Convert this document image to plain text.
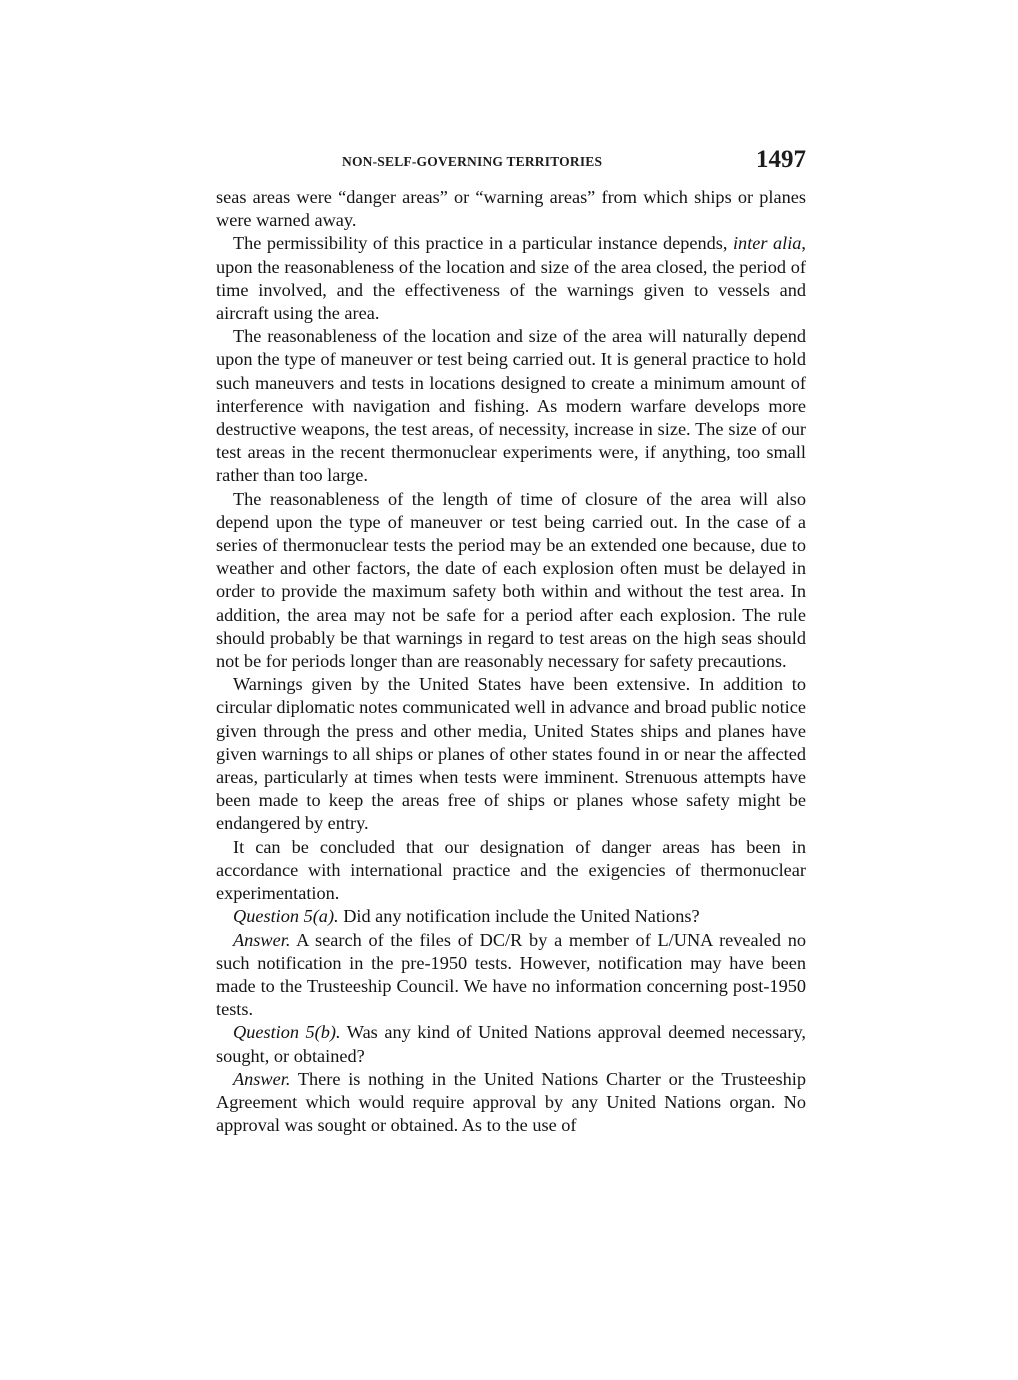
NON-SELF-GOVERNING TERRITORIES	1497

seas areas were “danger areas” or “warning areas” from which ships or planes were warned away.

The permissibility of this practice in a particular instance depends, inter alia, upon the reasonableness of the location and size of the area closed, the period of time involved, and the effectiveness of the warnings given to vessels and aircraft using the area.

The reasonableness of the location and size of the area will naturally depend upon the type of maneuver or test being carried out. It is general practice to hold such maneuvers and tests in locations designed to create a minimum amount of interference with navigation and fishing. As modern warfare develops more destructive weapons, the test areas, of necessity, increase in size. The size of our test areas in the recent thermonuclear experiments were, if anything, too small rather than too large.

The reasonableness of the length of time of closure of the area will also depend upon the type of maneuver or test being carried out. In the case of a series of thermonuclear tests the period may be an extended one because, due to weather and other factors, the date of each explosion often must be delayed in order to provide the maximum safety both within and without the test area. In addition, the area may not be safe for a period after each explosion. The rule should probably be that warnings in regard to test areas on the high seas should not be for periods longer than are reasonably necessary for safety precautions.

Warnings given by the United States have been extensive. In addition to circular diplomatic notes communicated well in advance and broad public notice given through the press and other media, United States ships and planes have given warnings to all ships or planes of other states found in or near the affected areas, particularly at times when tests were imminent. Strenuous attempts have been made to keep the areas free of ships or planes whose safety might be endangered by entry.

It can be concluded that our designation of danger areas has been in accordance with international practice and the exigencies of thermonuclear experimentation.

Question 5(a). Did any notification include the United Nations?

Answer. A search of the files of DC/R by a member of L/UNA revealed no such notification in the pre-1950 tests. However, notification may have been made to the Trusteeship Council. We have no information concerning post-1950 tests.

Question 5(b). Was any kind of United Nations approval deemed necessary, sought, or obtained?

Answer. There is nothing in the United Nations Charter or the Trusteeship Agreement which would require approval by any United Nations organ. No approval was sought or obtained. As to the use of
